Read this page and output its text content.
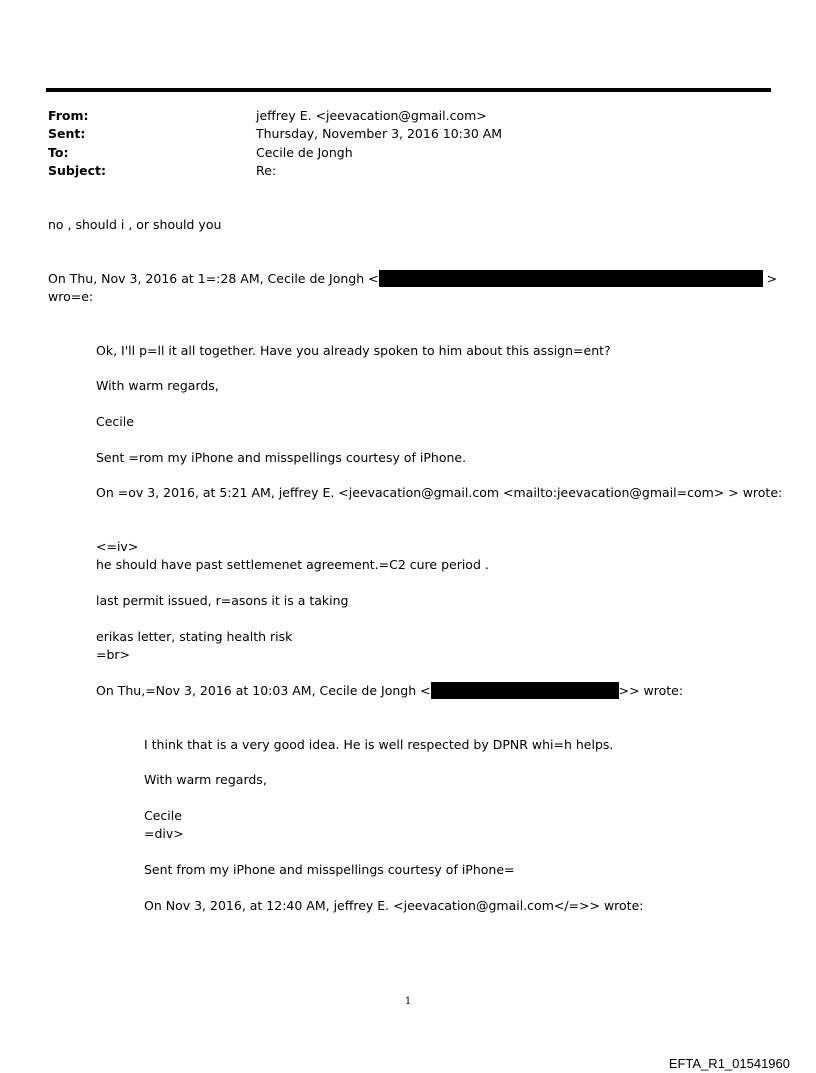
From:	jeffrey E. <jeevacation@gmail.com>
Sent:	Thursday, November 3, 2016 10:30 AM
To:	Cecile de Jongh
Subject:	Re:
no , should i , or should you
On Thu, Nov 3, 2016 at 1=:28 AM, Cecile de Jongh <	>
wro=e:
Ok, I'll p=ll it all together. Have you already spoken to him about this assign=ent?
With warm regards,
Cecile
Sent =rom my iPhone and misspellings courtesy of iPhone.
On =ov 3, 2016, at 5:21 AM, jeffrey E. <jeevacation@gmail.com <mailto:jeevacation@gmail=com> > wrote:
<=iv>
he should have past settlemenet agreement.=C2 cure period .
last permit issued, r=asons it is a taking
erikas letter, stating health risk
=br>
On Thu,=Nov 3, 2016 at 10:03 AM, Cecile de Jongh <	>> wrote:
I think that is a very good idea. He is well respected by DPNR whi=h helps.
With warm regards,
Cecile
=div>
Sent from my iPhone and misspellings courtesy of iPhone=
On Nov 3, 2016, at 12:40 AM, jeffrey E. <jeevacation@gmail.com</=>> wrote:
1
EFTA_R1_01541960
